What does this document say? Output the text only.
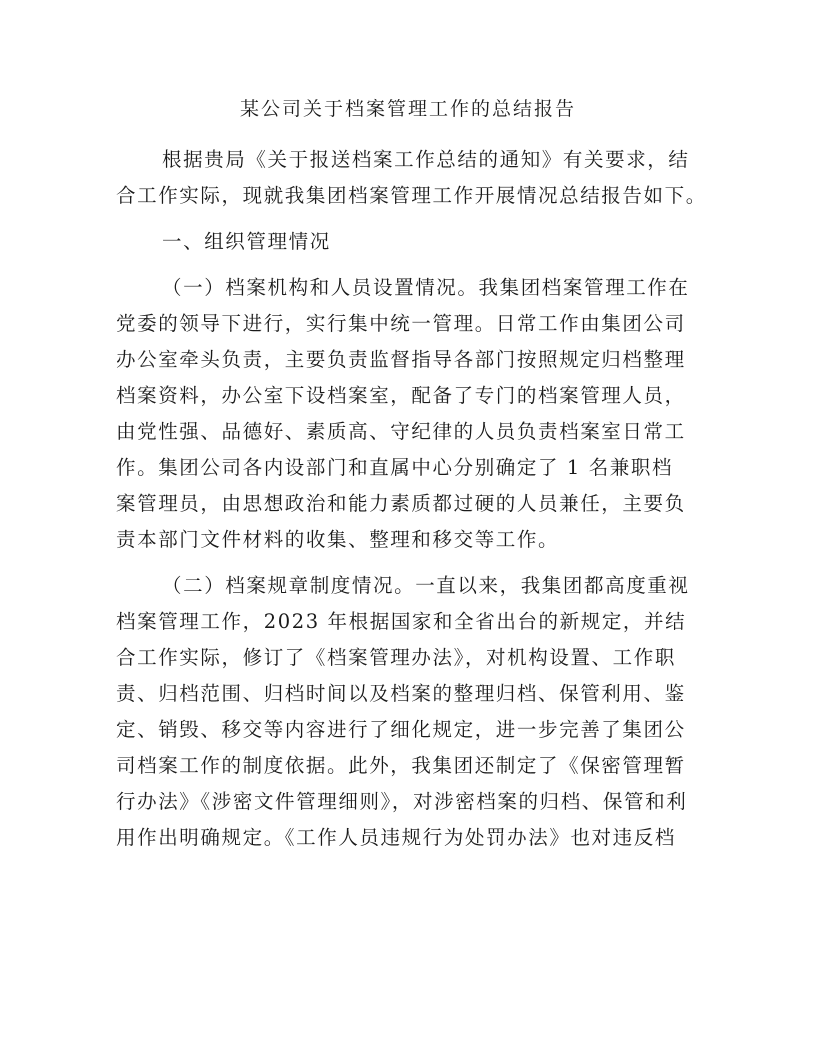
某公司关于档案管理工作的总结报告
根据贵局《关于报送档案工作总结的通知》有关要求，结
合工作实际，现就我集团档案管理工作开展情况总结报告如下。
一、组织管理情况
（一）档案机构和人员设置情况。我集团档案管理工作在
党委的领导下进行，实行集中统一管理。日常工作由集团公司
办公室牵头负责，主要负责监督指导各部门按照规定归档整理
档案资料，办公室下设档案室，配备了专门的档案管理人员，
由党性强、品德好、素质高、守纪律的人员负责档案室日常工
作。集团公司各内设部门和直属中心分别确定了 1 名兼职档
案管理员，由思想政治和能力素质都过硬的人员兼任，主要负
责本部门文件材料的收集、整理和移交等工作。
（二）档案规章制度情况。一直以来，我集团都高度重视
档案管理工作，2023 年根据国家和全省出台的新规定，并结
合工作实际，修订了《档案管理办法》，对机构设置、工作职
责、归档范围、归档时间以及档案的整理归档、保管利用、鉴
定、销毁、移交等内容进行了细化规定，进一步完善了集团公
司档案工作的制度依据。此外，我集团还制定了《保密管理暂
行办法》《涉密文件管理细则》，对涉密档案的归档、保管和利
用作出明确规定。《工作人员违规行为处罚办法》也对违反档
